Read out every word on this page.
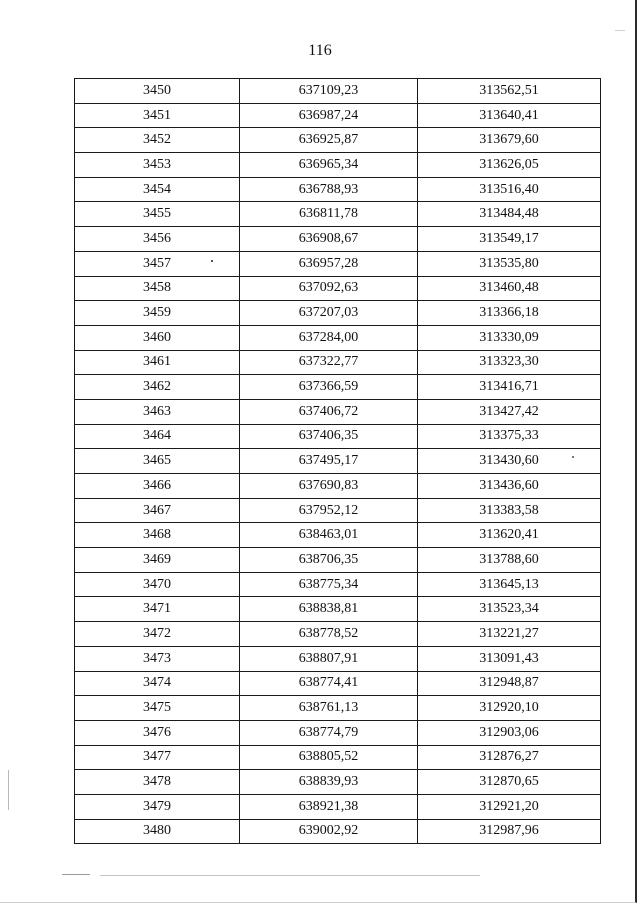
116
3450	637109,23	313562,51
3451	636987,24	313640,41
3452	636925,87	313679,60
3453	636965,34	313626,05
3454	636788,93	313516,40
3455	636811,78	313484,48
3456	636908,67	313549,17
3457	636957,28	313535,80
3458	637092,63	313460,48
3459	637207,03	313366,18
3460	637284,00	313330,09
3461	637322,77	313323,30
3462	637366,59	313416,71
3463	637406,72	313427,42
3464	637406,35	313375,33
3465	637495,17	313430,60
3466	637690,83	313436,60
3467	637952,12	313383,58
3468	638463,01	313620,41
3469	638706,35	313788,60
3470	638775,34	313645,13
3471	638838,81	313523,34
3472	638778,52	313221,27
3473	638807,91	313091,43
3474	638774,41	312948,87
3475	638761,13	312920,10
3476	638774,79	312903,06
3477	638805,52	312876,27
3478	638839,93	312870,65
3479	638921,38	312921,20
3480	639002,92	312987,96
